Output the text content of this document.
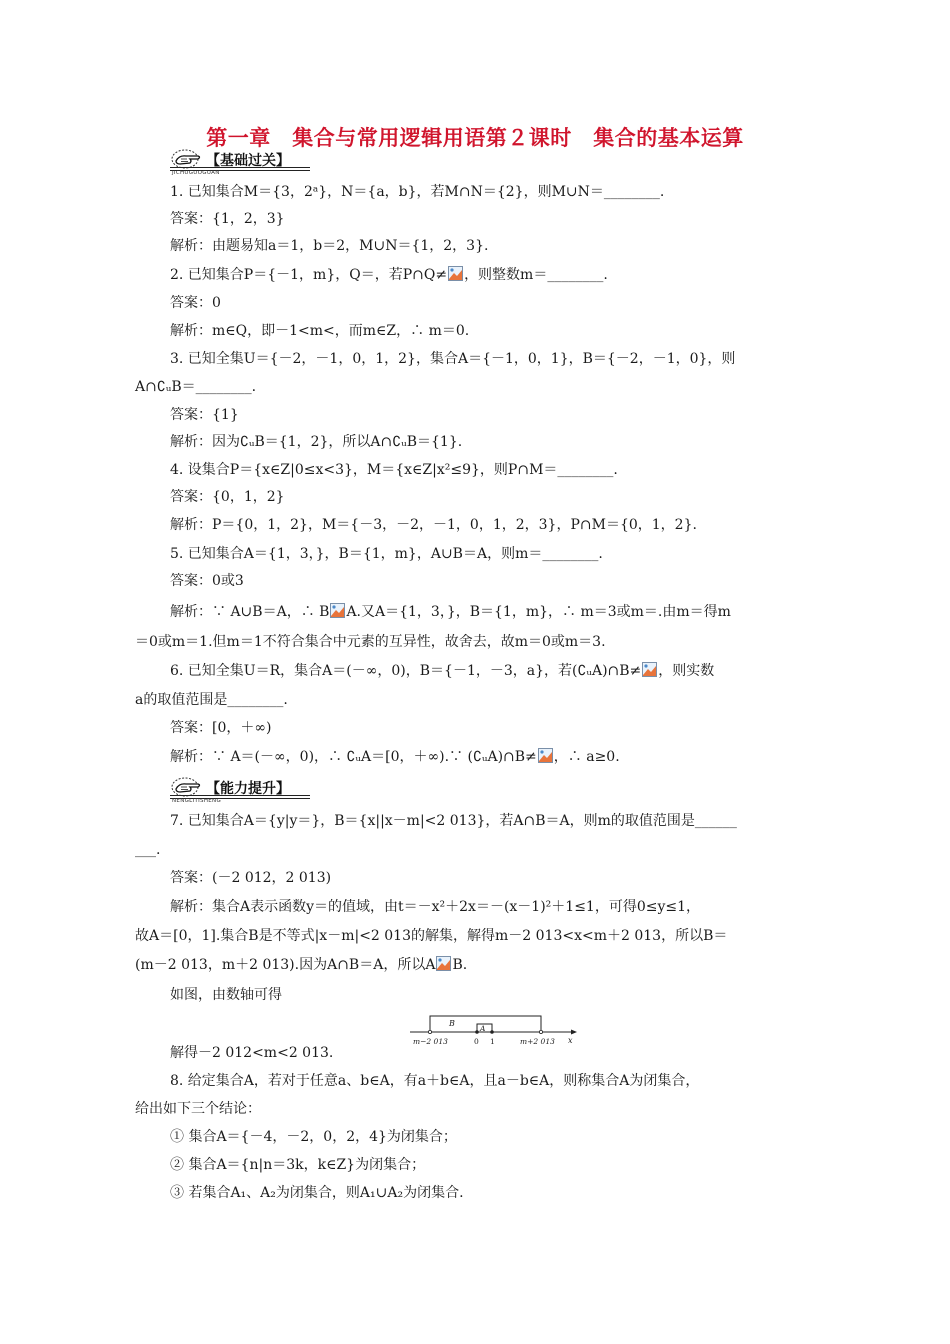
第一章　集合与常用逻辑用语第２课时　集合的基本运算
【基础过关】
JICHUGUOGUAN

1. 已知集合M＝{3，2ᵃ}，N＝{a，b}，若M∩N＝{2}，则M∪N＝________.

答案：{1，2，3}

解析：由题易知a＝1，b＝2，M∪N＝{1，2，3}.

2. 已知集合P＝{－1，m}，Q＝，若P∩Q≠ ，则整数m＝________.

答案：0

解析：m∈Q，即－1<m<，而m∈Z，∴ m＝0.

3. 已知全集U＝{－2，－1，0，1，2}，集合A＝{－1，0，1}，B＝{－2，－1，0}，则

A∩∁ᵤB＝________.

答案：{1}

解析：因为∁ᵤB＝{1，2}，所以A∩∁ᵤB＝{1}.

4. 设集合P＝{x∈Z|0≤x<3}，M＝{x∈Z|x²≤9}，则P∩M＝________.

答案：{0，1，2}

解析：P＝{0，1，2}，M＝{－3，－2，－1，0，1，2，3}，P∩M＝{0，1，2}.

5. 已知集合A＝{1，3，}，B＝{1，m}，A∪B＝A，则m＝________.

答案：0或3

解析：∵ A∪B＝A，∴ B A.又A＝{1，3，}，B＝{1，m}，∴ m＝3或m＝.由m＝得m

＝0或m＝1.但m＝1不符合集合中元素的互异性，故舍去，故m＝0或m＝3.

6. 已知全集U＝R，集合A＝(－∞，0)，B＝{－1，－3，a}，若(∁ᵤA)∩B≠ ，则实数

a的取值范围是________.

答案：[0，＋∞)

解析：∵ A＝(－∞，0)，∴ ∁ᵤA＝[0，＋∞).∵ (∁ᵤA)∩B≠ ，∴ a≥0.

【能力提升】
NENGLITISHENG

7. 已知集合A＝{y|y＝}，B＝{x||x－m|<2 013}，若A∩B＝A，则m的取值范围是______

___.

答案：(－2 012，2 013)

解析：集合A表示函数y＝的值域，由t＝－x²＋2x＝－(x－1)²＋1≤1，可得0≤y≤1，

故A＝[0，1].集合B是不等式|x－m|<2 013的解集，解得m－2 013<x<m＋2 013，所以B＝

(m－2 013，m＋2 013).因为A∩B＝A，所以A B.

如图，由数轴可得

B
A
m−2 013	0 1	m+2 013 x

解得－2 012<m<2 013.

8. 给定集合A，若对于任意a、b∈A，有a＋b∈A，且a－b∈A，则称集合A为闭集合，

给出如下三个结论：

① 集合A＝{－4，－2，0，2，4}为闭集合；

② 集合A＝{n|n＝3k，k∈Z}为闭集合；

③ 若集合A₁、A₂为闭集合，则A₁∪A₂为闭集合.
